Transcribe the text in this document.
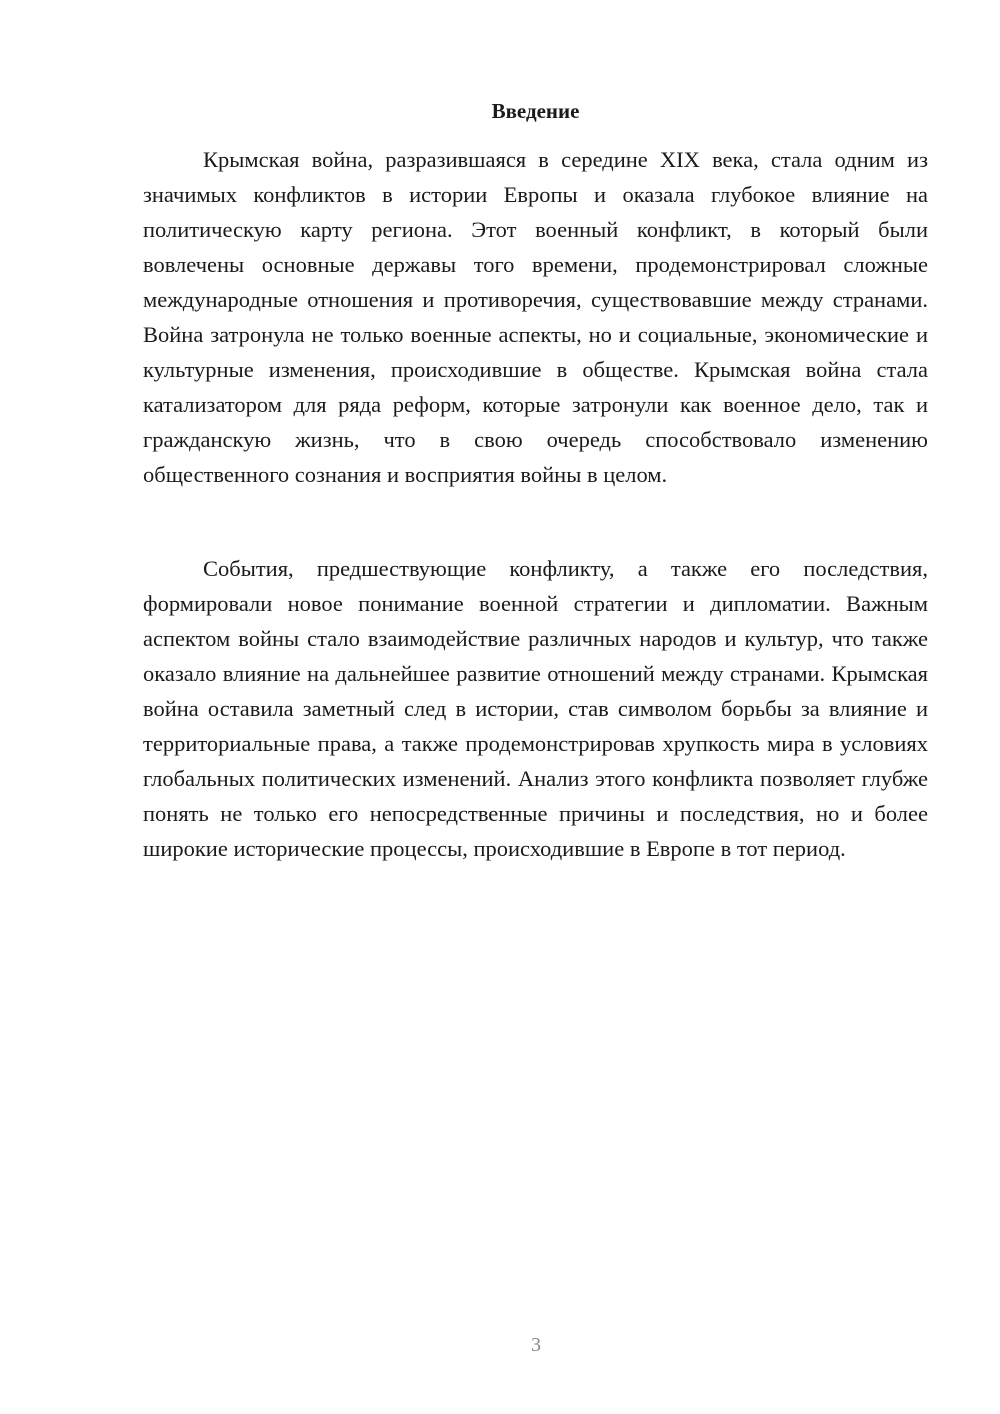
Введение

Крымская война, разразившаяся в середине XIX века, стала одним из значимых конфликтов в истории Европы и оказала глубокое влияние на политическую карту региона. Этот военный конфликт, в который были вовлечены основные державы того времени, продемонстрировал сложные международные отношения и противоречия, существовавшие между странами. Война затронула не только военные аспекты, но и социальные, экономические и культурные изменения, происходившие в обществе. Крымская война стала катализатором для ряда реформ, которые затронули как военное дело, так и гражданскую жизнь, что в свою очередь способствовало изменению общественного сознания и восприятия войны в целом.

События, предшествующие конфликту, а также его последствия, формировали новое понимание военной стратегии и дипломатии. Важным аспектом войны стало взаимодействие различных народов и культур, что также оказало влияние на дальнейшее развитие отношений между странами. Крымская война оставила заметный след в истории, став символом борьбы за влияние и территориальные права, а также продемонстрировав хрупкость мира в условиях глобальных политических изменений. Анализ этого конфликта позволяет глубже понять не только его непосредственные причины и последствия, но и более широкие исторические процессы, происходившие в Европе в тот период.

3
